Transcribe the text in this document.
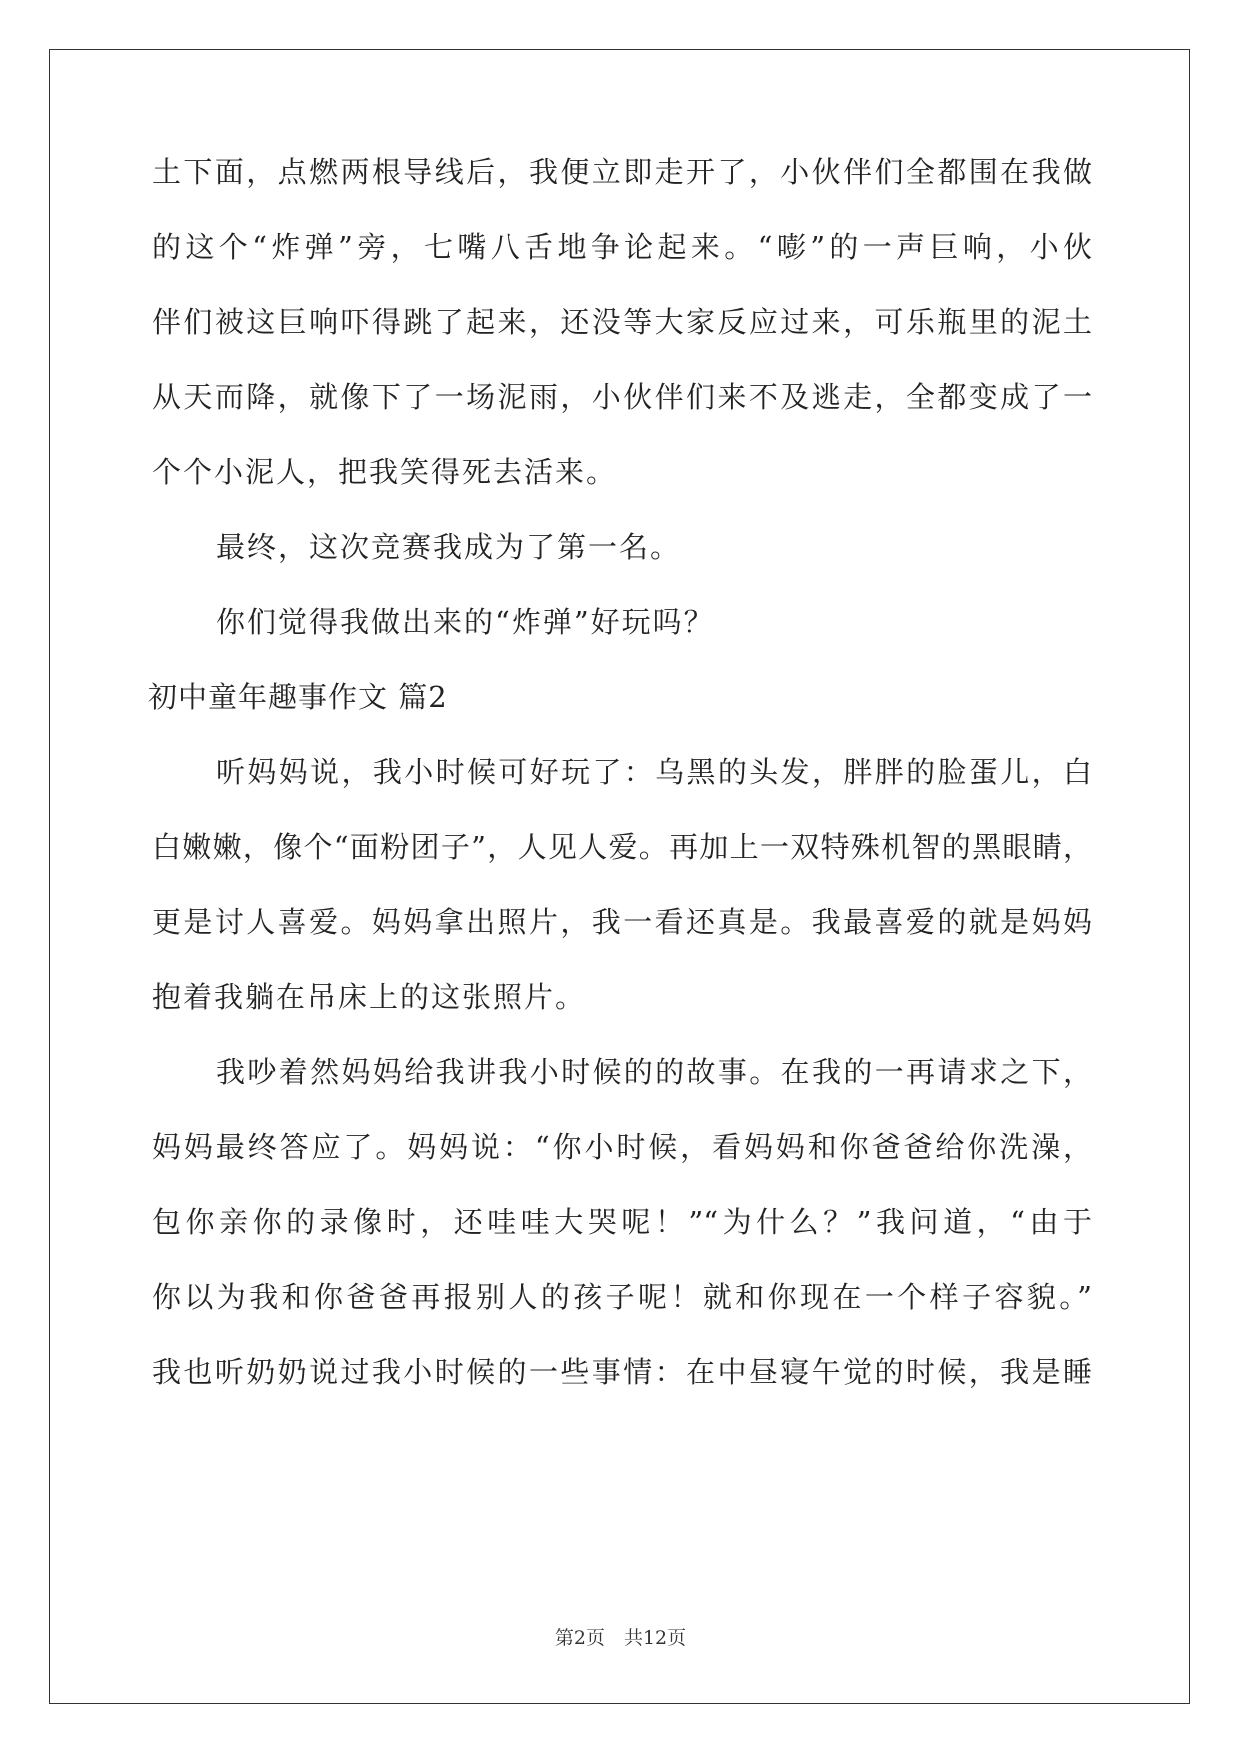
土下面，点燃两根导线后，我便立即走开了，小伙伴们全都围在我做
的这个“炸弹”旁，七嘴八舌地争论起来。“嘭”的一声巨响，小伙
伴们被这巨响吓得跳了起来，还没等大家反应过来，可乐瓶里的泥土
从天而降，就像下了一场泥雨，小伙伴们来不及逃走，全都变成了一
个个小泥人，把我笑得死去活来。
最终，这次竞赛我成为了第一名。
你们觉得我做出来的“炸弹”好玩吗？
初中童年趣事作文 篇2
听妈妈说，我小时候可好玩了：乌黑的头发，胖胖的脸蛋儿，白
白嫩嫩，像个“面粉团子”，人见人爱。再加上一双特殊机智的黑眼睛，
更是讨人喜爱。妈妈拿出照片，我一看还真是。我最喜爱的就是妈妈
抱着我躺在吊床上的这张照片。
我吵着然妈妈给我讲我小时候的的故事。在我的一再请求之下，
妈妈最终答应了。妈妈说：“你小时候，看妈妈和你爸爸给你洗澡，
包你亲你的录像时，还哇哇大哭呢！”“为什么？”我问道，“由于
你以为我和你爸爸再报别人的孩子呢！就和你现在一个样子容貌。”
我也听奶奶说过我小时候的一些事情：在中昼寝午觉的时候，我是睡
第2页　共12页
